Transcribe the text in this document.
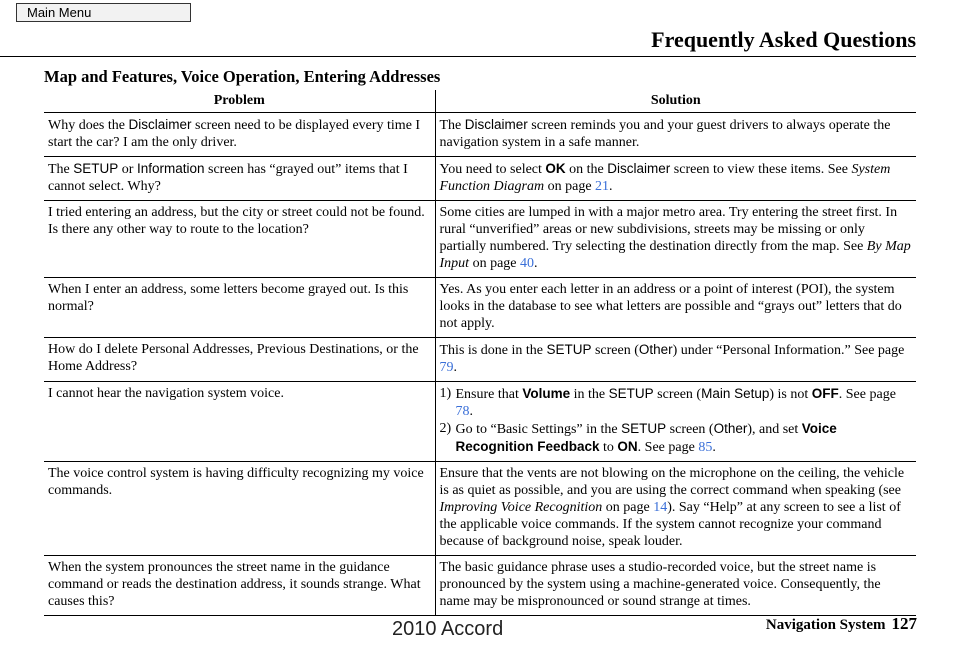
Main Menu
Frequently Asked Questions
Map and Features, Voice Operation, Entering Addresses
Problem	Solution
Why does the Disclaimer screen need to be displayed every time I start the car? I am the only driver.	The Disclaimer screen reminds you and your guest drivers to always operate the navigation system in a safe manner.
The SETUP or Information screen has “grayed out” items that I cannot select. Why?	You need to select OK on the Disclaimer screen to view these items. See System Function Diagram on page 21.
I tried entering an address, but the city or street could not be found. Is there any other way to route to the location?	Some cities are lumped in with a major metro area. Try entering the street first. In rural “unverified” areas or new subdivisions, streets may be missing or only partially numbered. Try selecting the destination directly from the map. See By Map Input on page 40.
When I enter an address, some letters become grayed out. Is this normal?	Yes. As you enter each letter in an address or a point of interest (POI), the system looks in the database to see what letters are possible and “grays out” letters that do not apply.
How do I delete Personal Addresses, Previous Destinations, or the Home Address?	This is done in the SETUP screen (Other) under “Personal Information.” See page 79.
I cannot hear the navigation system voice.	1) Ensure that Volume in the SETUP screen (Main Setup) is not OFF. See page 78.
2) Go to “Basic Settings” in the SETUP screen (Other), and set Voice Recognition Feedback to ON. See page 85.

The voice control system is having difficulty recognizing my voice commands.	Ensure that the vents are not blowing on the microphone on the ceiling, the vehicle is as quiet as possible, and you are using the correct command when speaking (see Improving Voice Recognition on page 14). Say “Help” at any screen to see a list of the applicable voice commands. If the system cannot recognize your command because of background noise, speak louder.
When the system pronounces the street name in the guidance command or reads the destination address, it sounds strange. What causes this?	The basic guidance phrase uses a studio-recorded voice, but the street name is pronounced by the system using a machine-generated voice. Consequently, the name may be mispronounced or sound strange at times.

Navigation System 127

2010 Accord
